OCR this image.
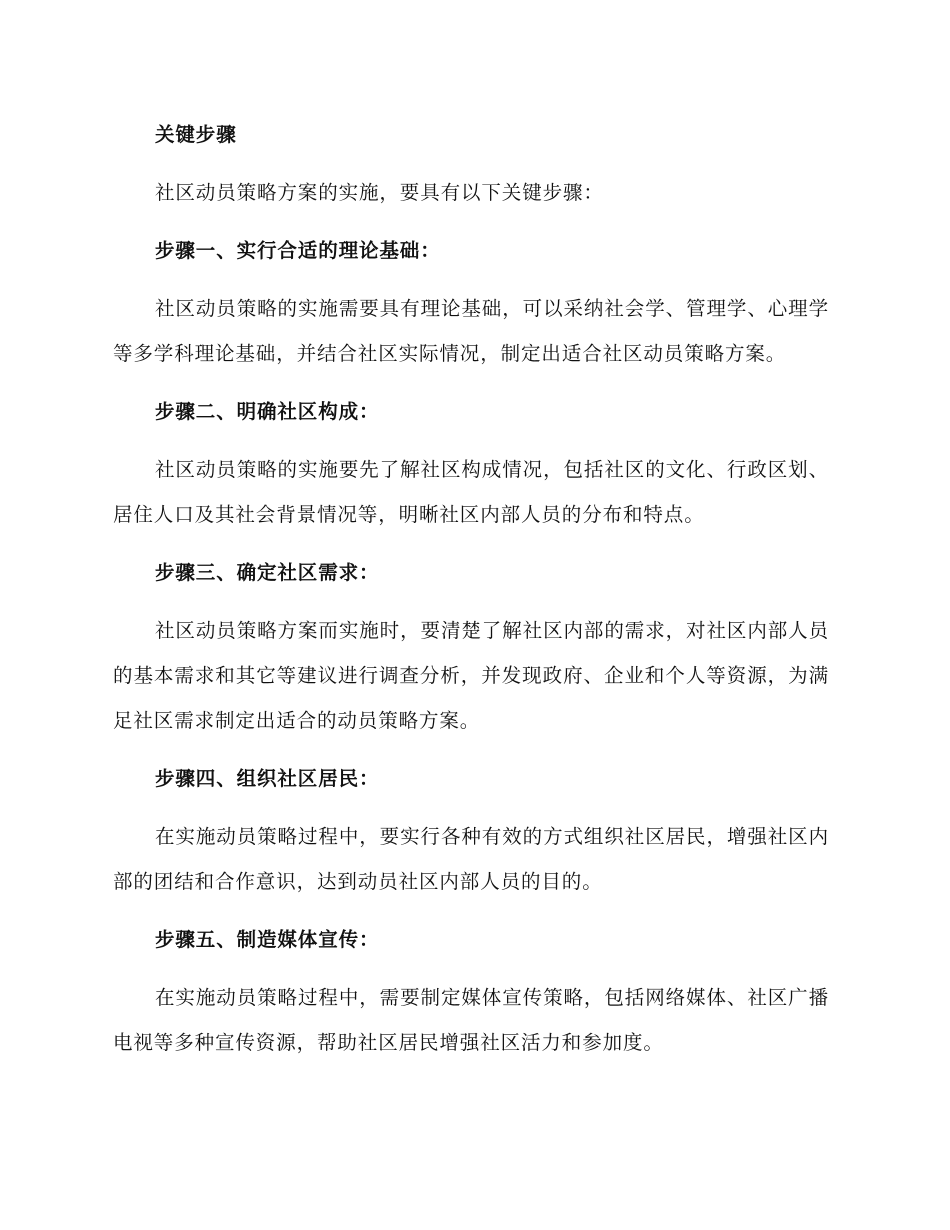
关键步骤

社区动员策略方案的实施，要具有以下关键步骤：

步骤一、实行合适的理论基础：

社区动员策略的实施需要具有理论基础，可以采纳社会学、管理学、心理学等多学科理论基础，并结合社区实际情况，制定出适合社区动员策略方案。

步骤二、明确社区构成：

社区动员策略的实施要先了解社区构成情况，包括社区的文化、行政区划、居住人口及其社会背景情况等，明晰社区内部人员的分布和特点。

步骤三、确定社区需求：

社区动员策略方案而实施时，要清楚了解社区内部的需求，对社区内部人员的基本需求和其它等建议进行调查分析，并发现政府、企业和个人等资源，为满足社区需求制定出适合的动员策略方案。

步骤四、组织社区居民：

在实施动员策略过程中，要实行各种有效的方式组织社区居民，增强社区内部的团结和合作意识，达到动员社区内部人员的目的。

步骤五、制造媒体宣传：

在实施动员策略过程中，需要制定媒体宣传策略，包括网络媒体、社区广播电视等多种宣传资源，帮助社区居民增强社区活力和参加度。
